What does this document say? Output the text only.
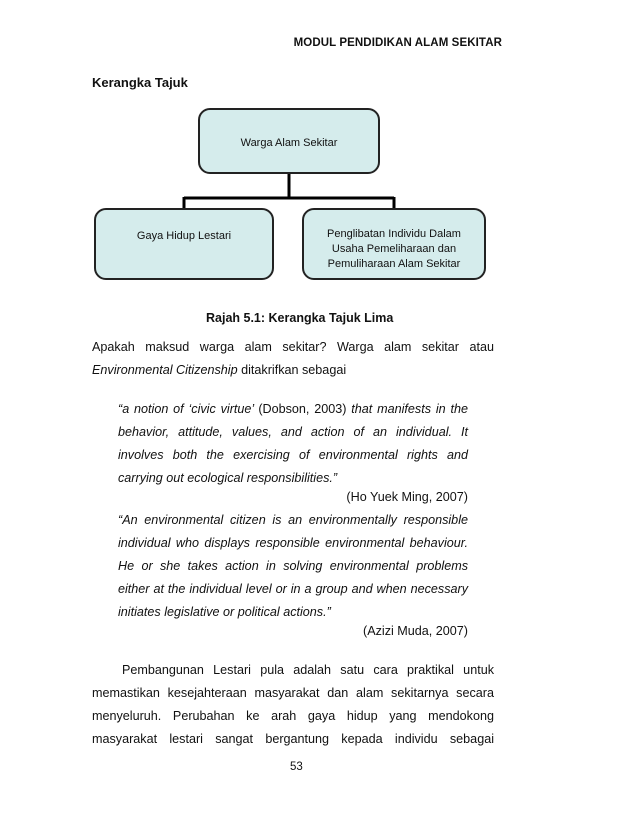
MODUL PENDIDIKAN ALAM SEKITAR
Kerangka Tajuk
Warga Alam Sekitar
Gaya Hidup Lestari	Penglibatan Individu Dalam
Usaha Pemeliharaan dan
Pemuliharaan Alam Sekitar
Rajah 5.1: Kerangka Tajuk Lima
Apakah maksud warga alam sekitar? Warga alam sekitar atau
Environmental Citizenship ditakrifkan sebagai
“a notion of ‘civic virtue’ (Dobson, 2003) that manifests in the
behavior, attitude, values, and action of an individual. It
involves both the exercising of environmental rights and
carrying out ecological responsibilities.”
(Ho Yuek Ming, 2007)
“An environmental citizen is an environmentally responsible
individual who displays responsible environmental behaviour.
He or she takes action in solving environmental problems
either at the individual level or in a group and when necessary
initiates legislative or political actions.”
(Azizi Muda, 2007)
Pembangunan Lestari pula adalah satu cara praktikal untuk
memastikan kesejahteraan masyarakat dan alam sekitarnya secara
menyeluruh. Perubahan ke arah gaya hidup yang mendokong
masyarakat lestari sangat bergantung kepada individu sebagai
53
